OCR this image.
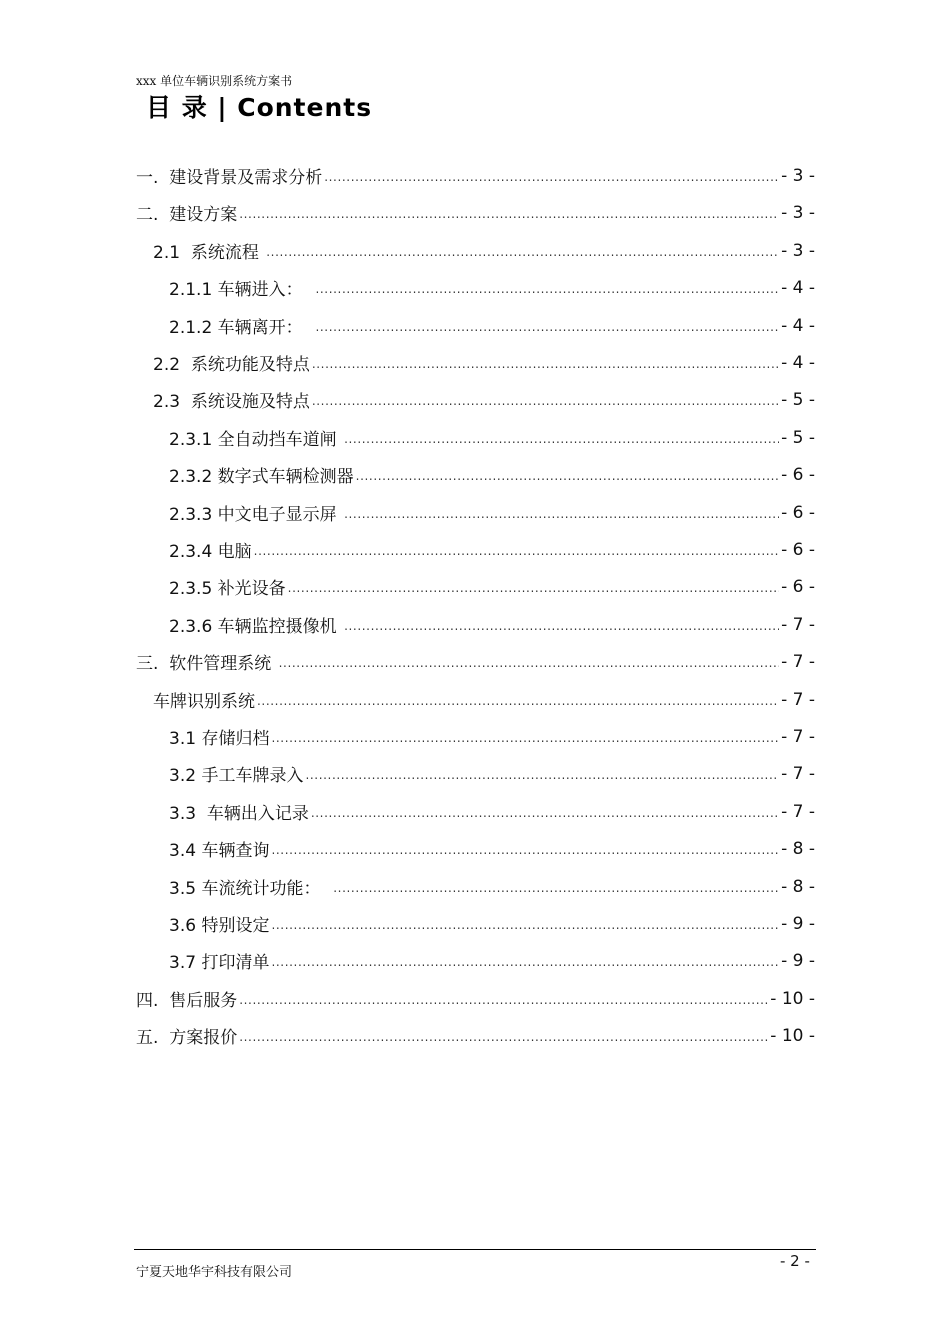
xxx 单位车辆识别系统方案书
目 录 | Contents
一.  建设背景及需求分析 .....	- 3 -
二.  建设方案 .....	- 3 -
2.1  系统流程 .....	- 3 -
2.1.1 车辆进入： .....	- 4 -
2.1.2 车辆离开： .....	- 4 -
2.2  系统功能及特点 .....	- 4 -
2.3  系统设施及特点 .....	- 5 -
2.3.1 全自动挡车道闸 .....	- 5 -
2.3.2 数字式车辆检测器 .....	- 6 -
2.3.3 中文电子显示屏 .....	- 6 -
2.3.4 电脑 .....	- 6 -
2.3.5 补光设备 .....	- 6 -
2.3.6 车辆监控摄像机 .....	- 7 -
三.  软件管理系统 .....	- 7 -
车牌识别系统 .....	- 7 -
3.1 存储归档 .....	- 7 -
3.2 手工车牌录入 .....	- 7 -
3.3  车辆出入记录 .....	- 7 -
3.4 车辆查询 .....	- 8 -
3.5 车流统计功能： .....	- 8 -
3.6 特别设定 .....	- 9 -
3.7 打印清单 .....	- 9 -
四.  售后服务 .....	- 10 -
五.  方案报价 .....	- 10 -
宁夏天地华宇科技有限公司
- 2 -
